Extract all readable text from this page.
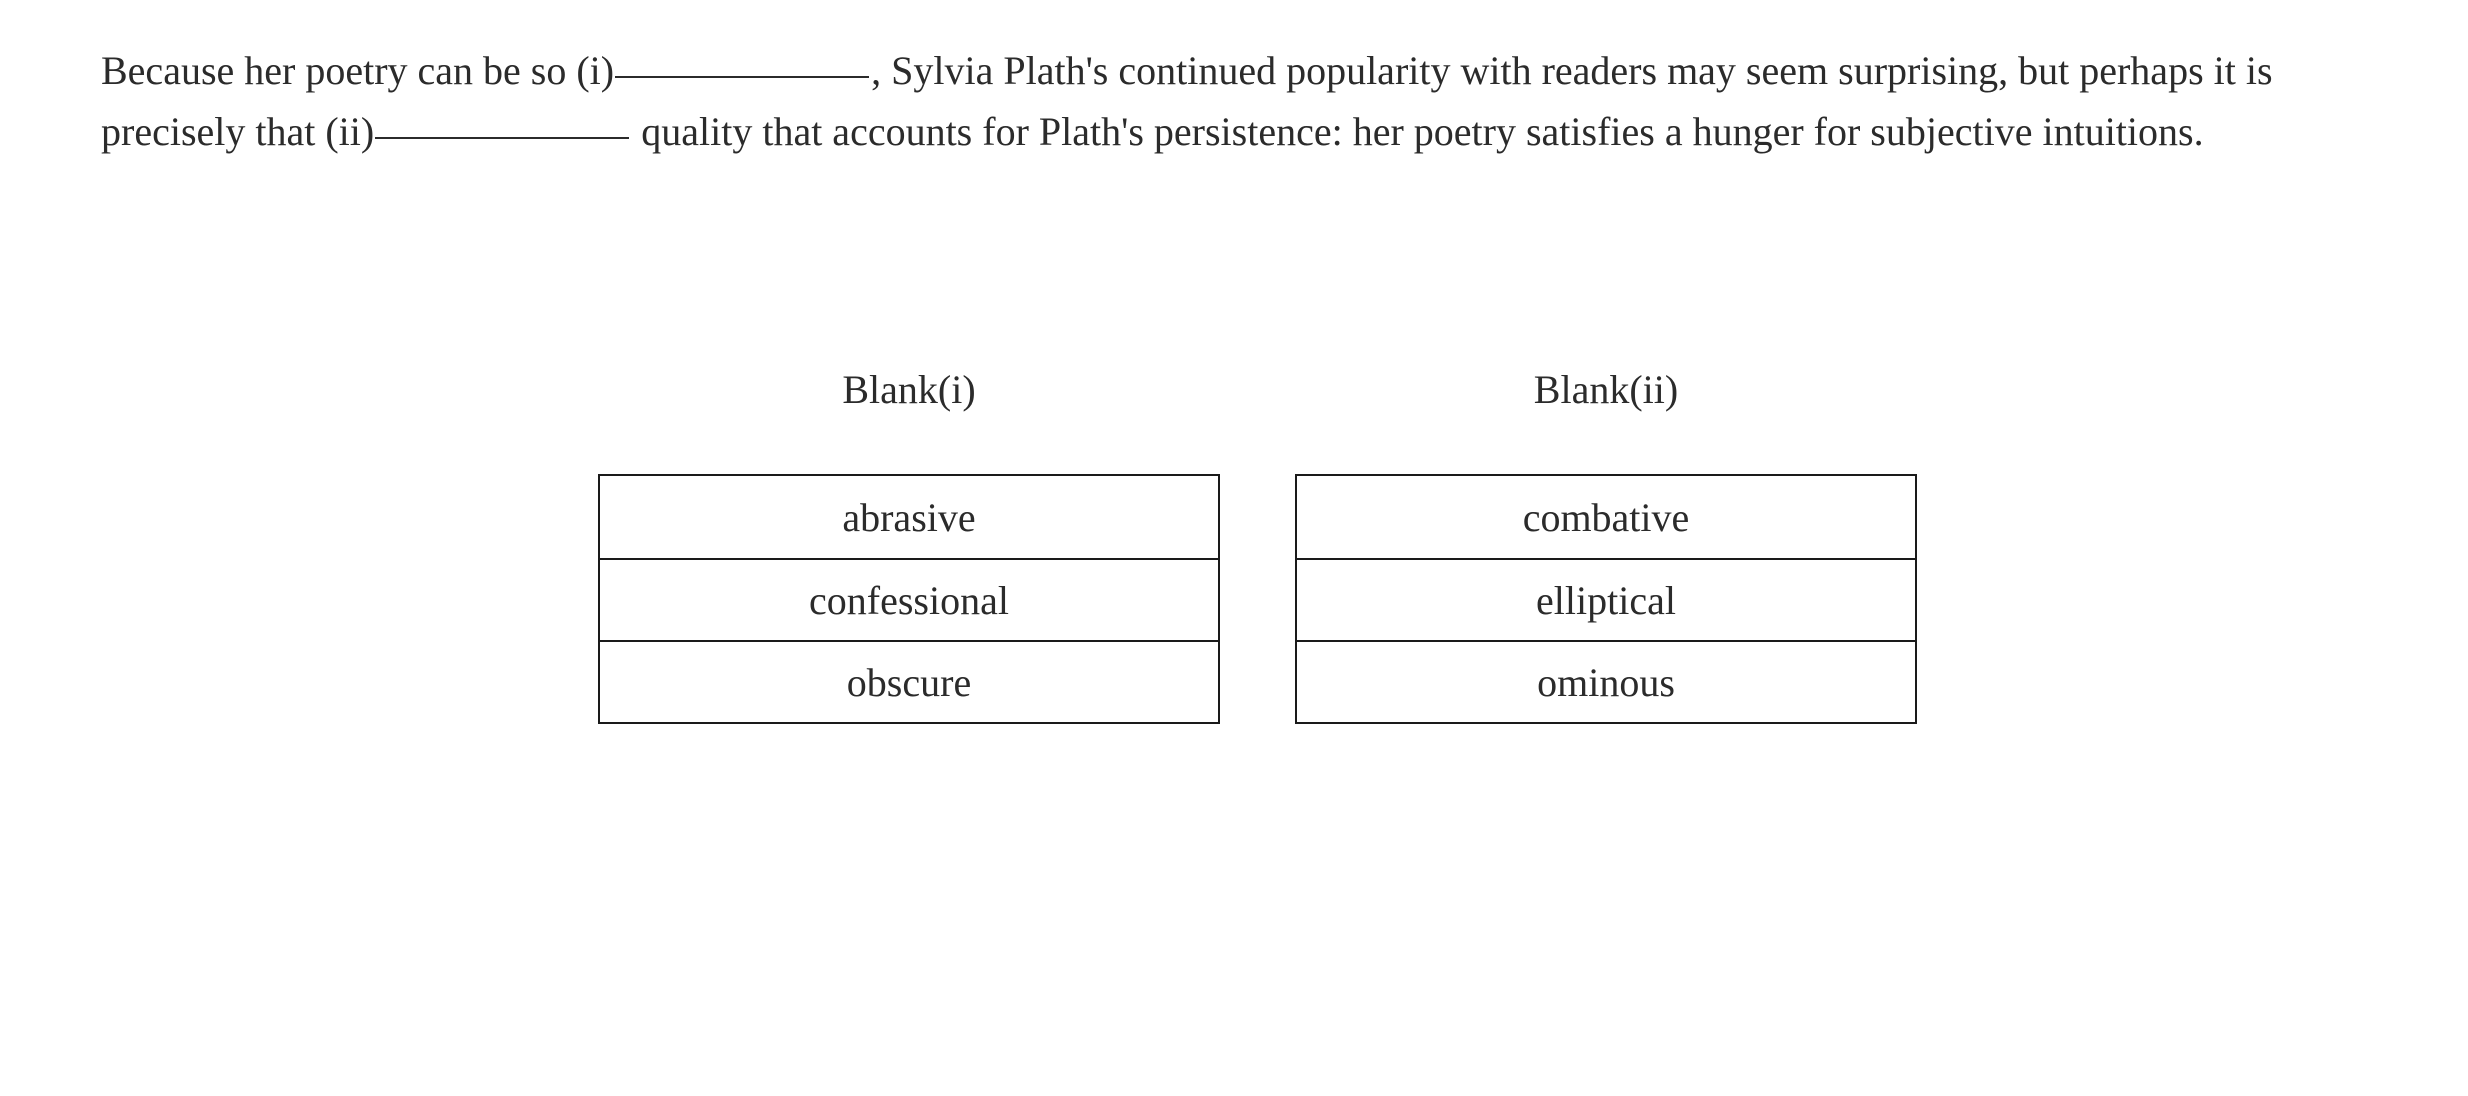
Because her poetry can be so (i)	, Sylvia Plath's continued popularity with readers may seem surprising, but perhaps it is precisely that (ii)	quality that accounts for Plath's persistence: her poetry satisfies a hunger for subjective intuitions.

Blank(i)
abrasive
confessional
obscure
Blank(ii)
combative
elliptical
ominous
